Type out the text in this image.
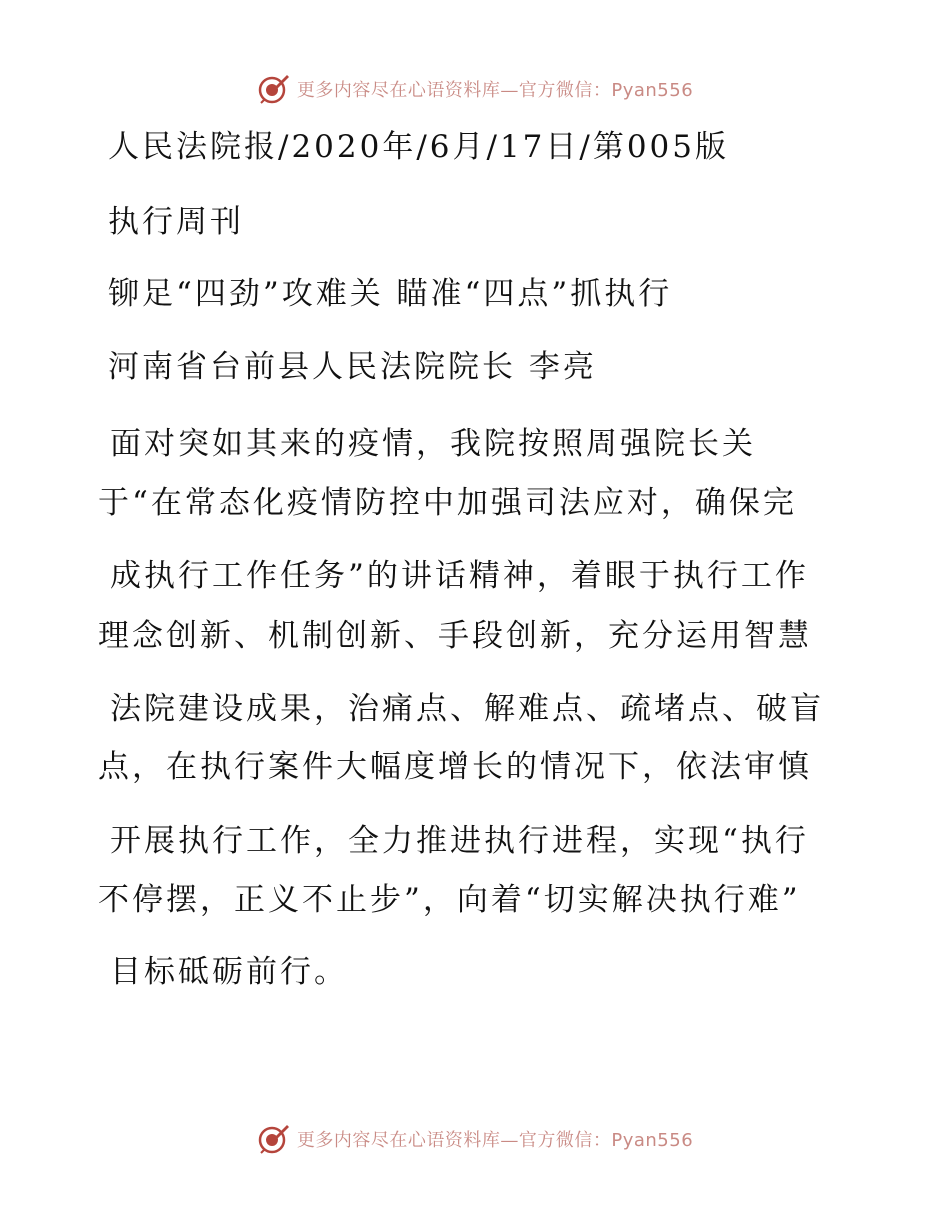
更多内容尽在心语资料库—官方微信：Pyan556
人民法院报/2020年/6月/17日/第005版
执行周刊
铆足“四劲”攻难关 瞄准“四点”抓执行
河南省台前县人民法院院长 李亮
面对突如其来的疫情，我院按照周强院长关
于“在常态化疫情防控中加强司法应对，确保完
成执行工作任务”的讲话精神，着眼于执行工作
理念创新、机制创新、手段创新，充分运用智慧
法院建设成果，治痛点、解难点、疏堵点、破盲
点，在执行案件大幅度增长的情况下，依法审慎
开展执行工作，全力推进执行进程，实现“执行
不停摆，正义不止步”，向着“切实解决执行难”
目标砥砺前行。
更多内容尽在心语资料库—官方微信：Pyan556
